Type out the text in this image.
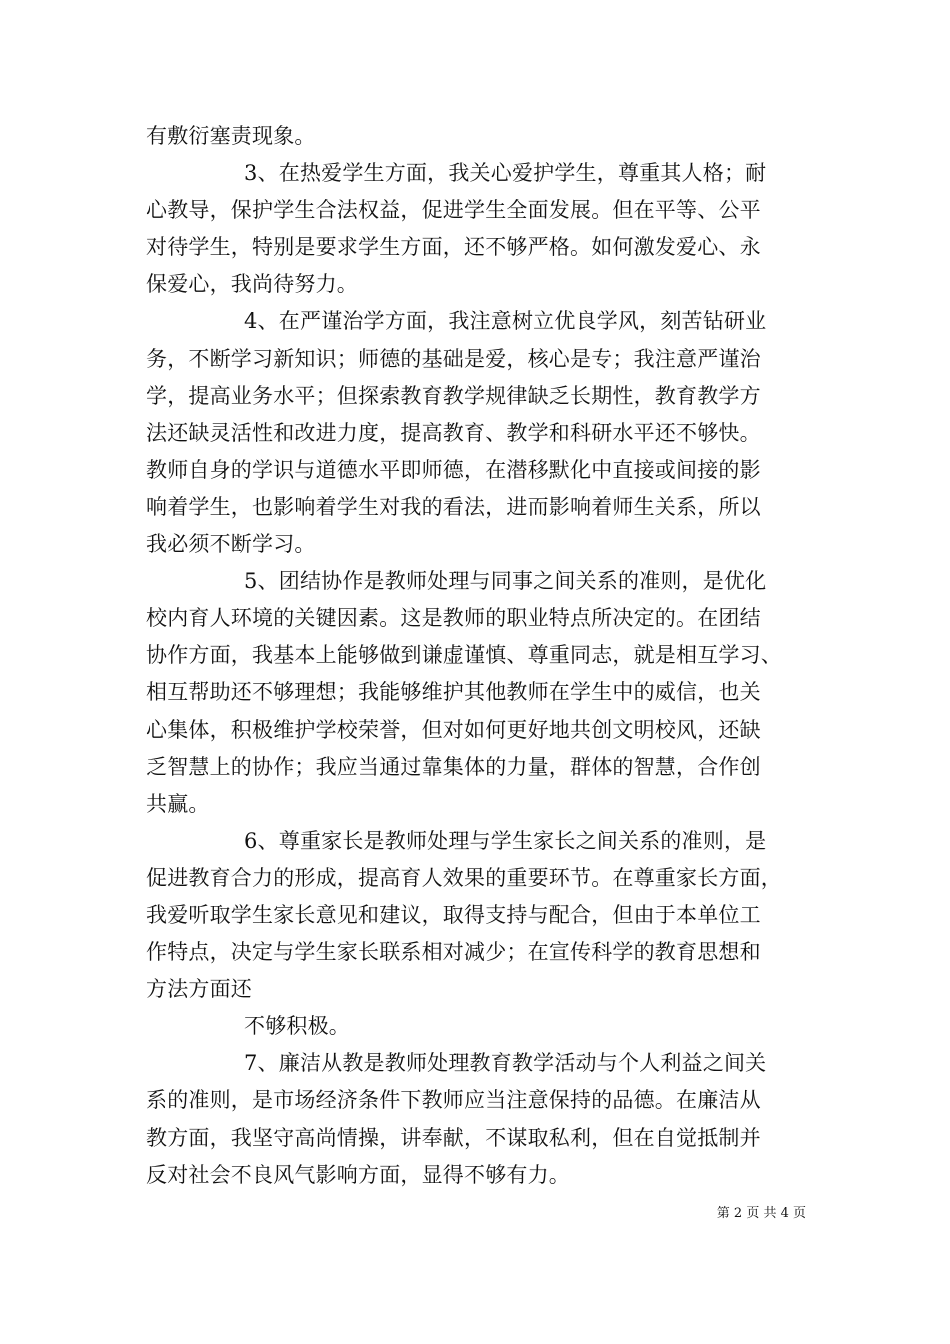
有敷衍塞责现象。
3、在热爱学生方面，我关心爱护学生，尊重其人格；耐
心教导，保护学生合法权益，促进学生全面发展。但在平等、公平
对待学生，特别是要求学生方面，还不够严格。如何激发爱心、永
保爱心，我尚待努力。
4、在严谨治学方面，我注意树立优良学风，刻苦钻研业
务，不断学习新知识；师德的基础是爱，核心是专；我注意严谨治
学，提高业务水平；但探索教育教学规律缺乏长期性，教育教学方
法还缺灵活性和改进力度，提高教育、教学和科研水平还不够快。
教师自身的学识与道德水平即师德，在潜移默化中直接或间接的影
响着学生，也影响着学生对我的看法，进而影响着师生关系，所以
我必须不断学习。
5、团结协作是教师处理与同事之间关系的准则，是优化
校内育人环境的关键因素。这是教师的职业特点所决定的。在团结
协作方面，我基本上能够做到谦虚谨慎、尊重同志，就是相互学习、
相互帮助还不够理想；我能够维护其他教师在学生中的威信，也关
心集体，积极维护学校荣誉，但对如何更好地共创文明校风，还缺
乏智慧上的协作；我应当通过靠集体的力量，群体的智慧，合作创
共赢。
6、尊重家长是教师处理与学生家长之间关系的准则，是
促进教育合力的形成，提高育人效果的重要环节。在尊重家长方面，
我爱听取学生家长意见和建议，取得支持与配合，但由于本单位工
作特点，决定与学生家长联系相对减少；在宣传科学的教育思想和
方法方面还
不够积极。
7、廉洁从教是教师处理教育教学活动与个人利益之间关
系的准则，是市场经济条件下教师应当注意保持的品德。在廉洁从
教方面，我坚守高尚情操，讲奉献，不谋取私利，但在自觉抵制并
反对社会不良风气影响方面，显得不够有力。
第 2 页 共 4 页
